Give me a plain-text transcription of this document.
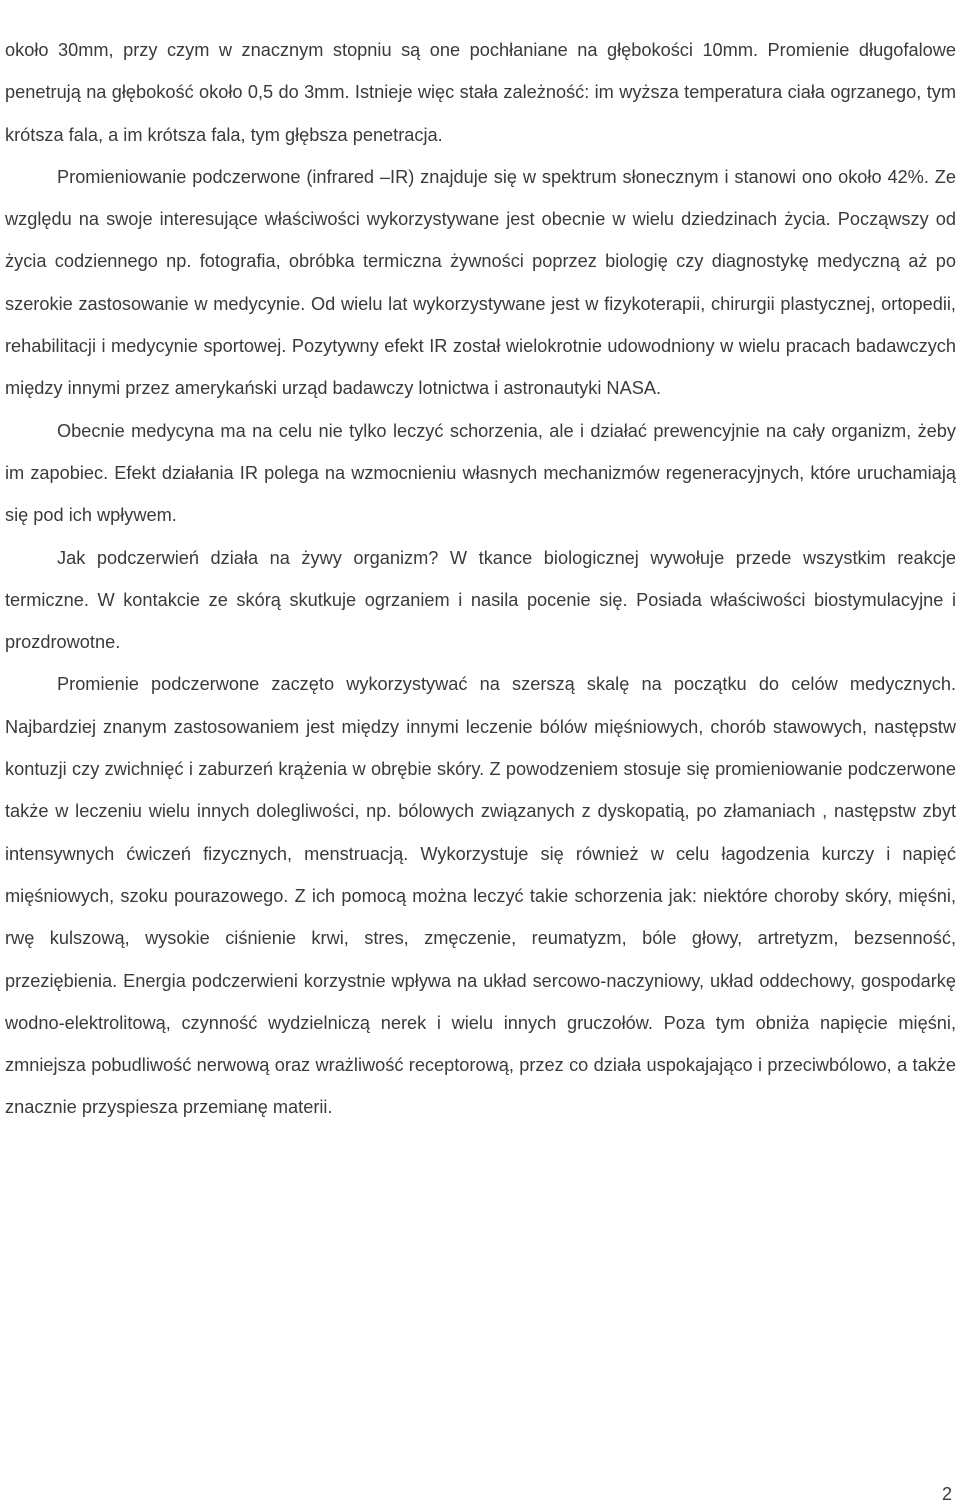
około 30mm, przy czym w znacznym stopniu są one pochłaniane na głębokości 10mm. Promienie długofalowe penetrują na głębokość około 0,5 do 3mm. Istnieje więc stała zależność: im wyższa temperatura ciała ogrzanego, tym krótsza fala, a im krótsza fala, tym głębsza penetracja.

Promieniowanie podczerwone (infrared –IR) znajduje się w spektrum słonecznym i stanowi ono około 42%. Ze względu na swoje interesujące właściwości wykorzystywane jest obecnie w wielu dziedzinach życia. Począwszy od życia codziennego np. fotografia, obróbka termiczna żywności poprzez biologię czy diagnostykę medyczną aż po szerokie zastosowanie w medycynie. Od wielu lat wykorzystywane jest w fizykoterapii, chirurgii plastycznej, ortopedii, rehabilitacji i medycynie sportowej. Pozytywny efekt IR został wielokrotnie udowodniony w wielu pracach badawczych między innymi przez amerykański urząd badawczy lotnictwa i astronautyki NASA.

Obecnie medycyna ma na celu nie tylko leczyć schorzenia, ale i działać prewencyjnie na cały organizm, żeby im zapobiec. Efekt działania IR polega na wzmocnieniu własnych mechanizmów regeneracyjnych, które uruchamiają się pod ich wpływem.

Jak podczerwień działa na żywy organizm? W tkance biologicznej wywołuje przede wszystkim reakcje termiczne. W kontakcie ze skórą skutkuje ogrzaniem i nasila pocenie się. Posiada właściwości biostymulacyjne i prozdrowotne.

Promienie podczerwone zaczęto wykorzystywać na szerszą skalę na początku do celów medycznych. Najbardziej znanym zastosowaniem jest między innymi leczenie bólów mięśniowych, chorób stawowych, następstw kontuzji czy zwichnięć i zaburzeń krążenia w obrębie skóry. Z powodzeniem stosuje się promieniowanie podczerwone także w leczeniu wielu innych dolegliwości, np. bólowych związanych z dyskopatią, po złamaniach , następstw zbyt intensywnych ćwiczeń fizycznych, menstruacją. Wykorzystuje się również w celu łagodzenia kurczy i napięć mięśniowych, szoku pourazowego. Z ich pomocą można leczyć takie schorzenia jak: niektóre choroby skóry, mięśni, rwę kulszową, wysokie ciśnienie krwi, stres, zmęczenie, reumatyzm, bóle głowy, artretyzm, bezsenność, przeziębienia. Energia podczerwieni korzystnie wpływa na układ sercowo-naczyniowy, układ oddechowy, gospodarkę wodno-elektrolitową, czynność wydzielniczą nerek i wielu innych gruczołów. Poza tym obniża napięcie mięśni, zmniejsza pobudliwość nerwową oraz wrażliwość receptorową, przez co działa uspokajająco i przeciwbólowo, a także znacznie przyspiesza przemianę materii.

2
